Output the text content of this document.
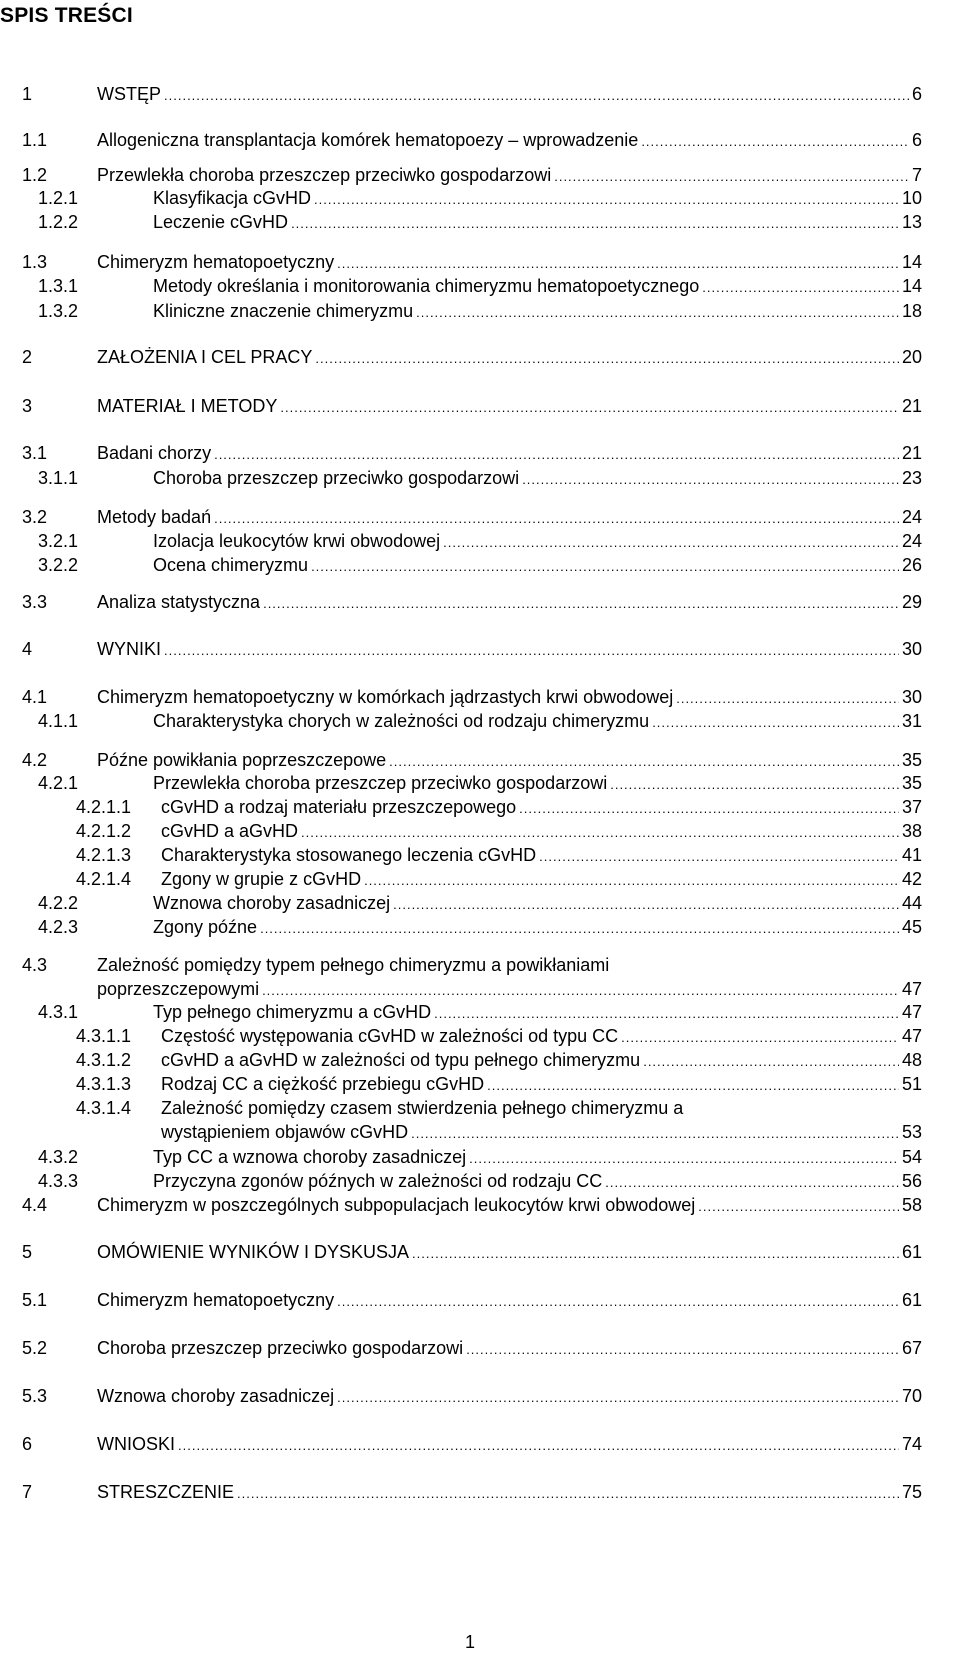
SPIS TREŚCI
1	WSTĘP .....	6
1.1	Allogeniczna transplantacja komórek hematopoezy – wprowadzenie .....	6
1.2	Przewlekła choroba przeszczep przeciwko gospodarzowi .....	7
1.2.1	Klasyfikacja cGvHD .....	10
1.2.2	Leczenie cGvHD .....	13
1.3	Chimeryzm hematopoetyczny .....	14
1.3.1	Metody określania i monitorowania chimeryzmu hematopoetycznego .....	14
1.3.2	Kliniczne znaczenie chimeryzmu .....	18
2	ZAŁOŻENIA I CEL PRACY .....	20
3	MATERIAŁ I METODY .....	21
3.1	Badani chorzy .....	21
3.1.1	Choroba przeszczep przeciwko gospodarzowi .....	23
3.2	Metody badań .....	24
3.2.1	Izolacja leukocytów krwi obwodowej .....	24
3.2.2	Ocena chimeryzmu .....	26
3.3	Analiza statystyczna .....	29
4	WYNIKI .....	30
4.1	Chimeryzm hematopoetyczny w komórkach jądrzastych krwi obwodowej .....	30
4.1.1	Charakterystyka chorych w zależności od rodzaju chimeryzmu .....	31
4.2	Późne powikłania poprzeszczepowe .....	35
4.2.1	Przewlekła choroba przeszczep przeciwko gospodarzowi .....	35
4.2.1.1 cGvHD a rodzaj materiału przeszczepowego .....	37
4.2.1.2 cGvHD a aGvHD .....	38
4.2.1.3 Charakterystyka stosowanego leczenia cGvHD .....	41
4.2.1.4 Zgony w grupie z cGvHD .....	42
4.2.2	Wznowa choroby zasadniczej .....	44
4.2.3	Zgony późne .....	45
4.3	Zależność pomiędzy typem pełnego chimeryzmu a powikłaniami
poprzeszczepowymi .....	47
4.3.1	Typ pełnego chimeryzmu a cGvHD .....	47
4.3.1.1 Częstość występowania cGvHD w zależności od typu CC .....	47
4.3.1.2 cGvHD a aGvHD w zależności od typu pełnego chimeryzmu .....	48
4.3.1.3 Rodzaj CC a ciężkość przebiegu cGvHD .....	51
4.3.1.4 Zależność pomiędzy czasem stwierdzenia pełnego chimeryzmu a
wystąpieniem objawów cGvHD .....	53
4.3.2	Typ CC a wznowa choroby zasadniczej .....	54
4.3.3	Przyczyna zgonów późnych w zależności od rodzaju CC .....	56
4.4	Chimeryzm w poszczególnych subpopulacjach leukocytów krwi obwodowej .....	58
5	OMÓWIENIE WYNIKÓW I DYSKUSJA .....	61
5.1	Chimeryzm hematopoetyczny .....	61
5.2	Choroba przeszczep przeciwko gospodarzowi .....	67
5.3	Wznowa choroby zasadniczej .....	70
6	WNIOSKI .....	74
7	STRESZCZENIE .....	75
1
